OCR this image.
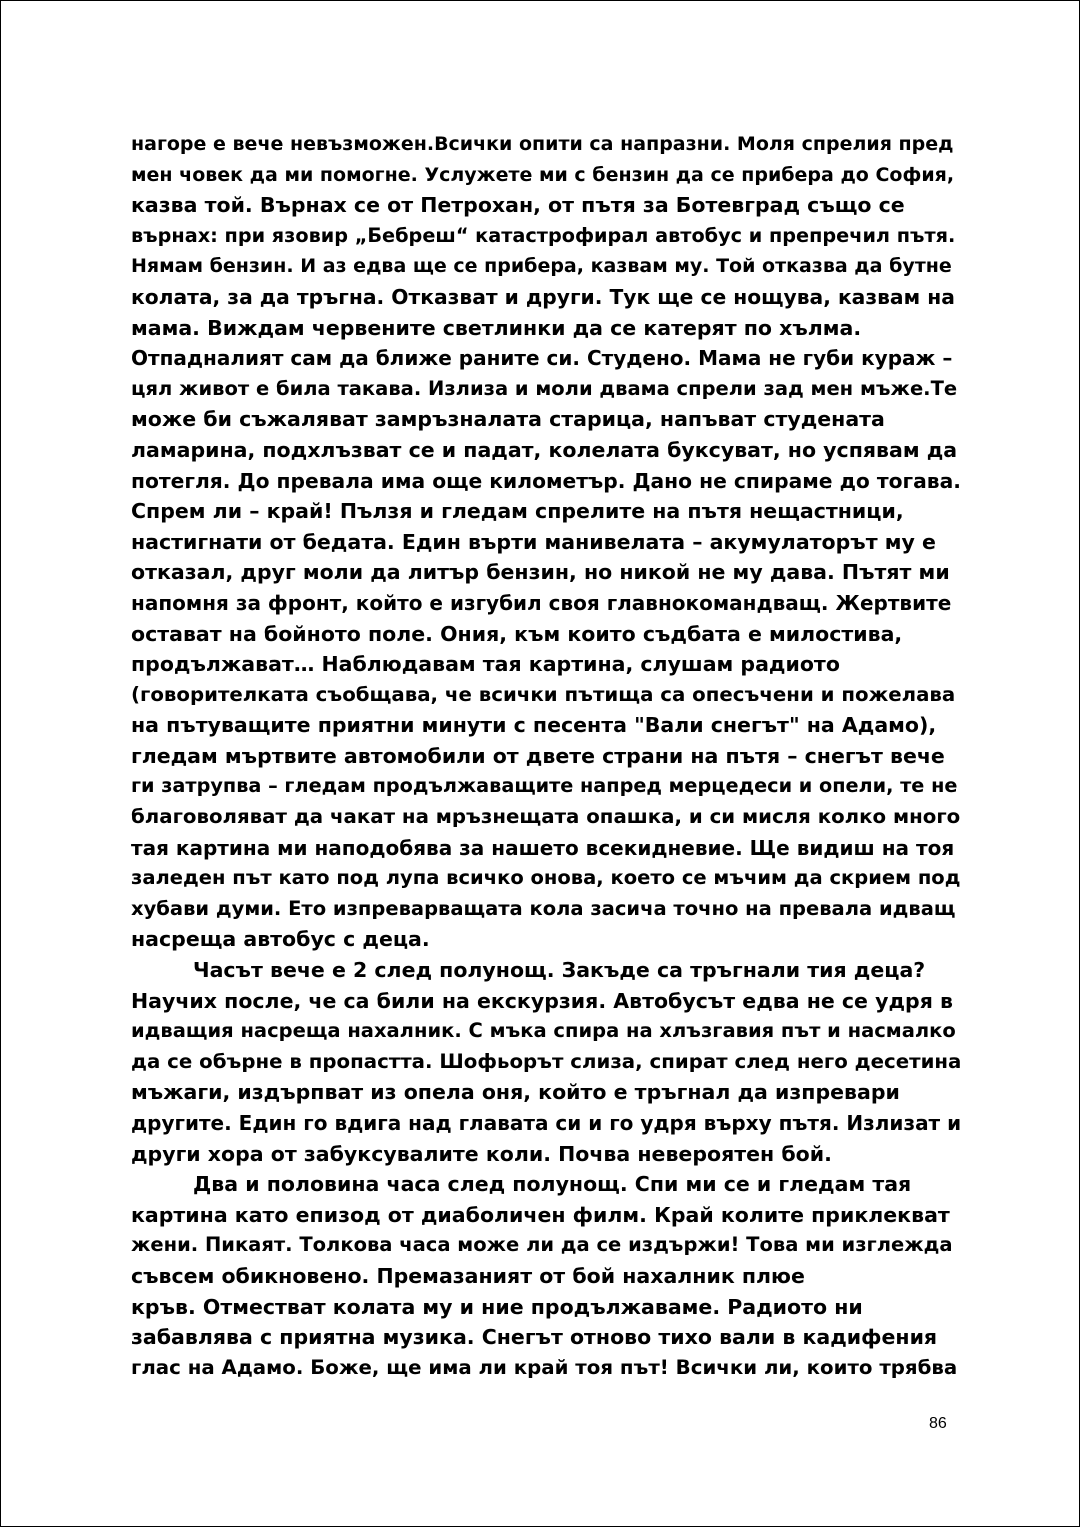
нагоре е вече невъзможен.Всички опити са напразни. Моля спрелия пред
мен човек да ми помогне. Услужете ми с бензин да се прибера до София,
казва той. Върнах се от Петрохан, от пътя за Ботевград също се
върнах: при язовир „Бебреш“ катастрофирал автобус и препречил пътя.
Нямам бензин. И аз едва ще се прибера, казвам му. Той отказва да бутне
колата, за да тръгна. Отказват и други. Тук ще се нощува, казвам на
мама. Виждам червените светлинки да се катерят по хълма.
Отпадналият сам да ближе раните си. Студено. Мама не губи кураж –
цял живот е била такава. Излиза и моли двама спрели зад мен мъже.Те
може би съжаляват замръзналата старица, напъват студената
ламарина, подхлъзват се и падат, колелата буксуват, но успявам да
потегля. До превала има още километър. Дано не спираме до тогава.
Спрем ли – край! Пълзя и гледам спрелите на пътя нещастници,
настигнати от бедата. Един върти манивелата – акумулаторът му е
отказал, друг моли да литър бензин, но никой не му дава. Пътят ми
напомня за фронт, който е изгубил своя главнокомандващ. Жертвите
остават на бойното поле. Ония, към които съдбата е милостива,
продължават… Наблюдавам тая картина, слушам радиото
(говорителката съобщава, че всички пътища са опесъчени и пожелава
на пътуващите приятни минути с песента "Вали снегът" на Адамо),
гледам мъртвите автомобили от двете страни на пътя – снегът вече
ги затрупва – гледам продължаващите напред мерцедеси и опели, те не
благоволяват да чакат на мръзнещата опашка, и си мисля колко много
тая картина ми наподобява за нашето всекидневие. Ще видиш на тоя
заледен път като под лупа всичко онова, което се мъчим да скрием под
хубави думи. Ето изпреварващата кола засича точно на превала идващ
насреща автобус с деца.
Часът вече е 2 след полунощ. Закъде са тръгнали тия деца?
Научих после, че са били на екскурзия. Автобусът едва не се удря в
идващия насреща нахалник. С мъка спира на хлъзгавия път и насмалко
да се обърне в пропастта. Шофьорът слиза, спират след него десетина
мъжаги, издърпват из опела оня, който е тръгнал да изпревари
другите. Един го вдига над главата си и го удря върху пътя. Излизат и
други хора от забуксувалите коли. Почва невероятен бой.
Два и половина часа след полунощ. Спи ми се и гледам тая
картина като епизод от диаболичен филм. Край колите приклекват
жени. Пикаят. Толкова часа може ли да се издържи! Това ми изглежда
съвсем обикновено. Премазаният от бой нахалник плюе
кръв. Отместват колата му и ние продължаваме. Радиото ни
забавлява с приятна музика. Снегът отново тихо вали в кадифения
глас на Адамо. Боже, ще има ли край тоя път! Всички ли, които трябва
86
